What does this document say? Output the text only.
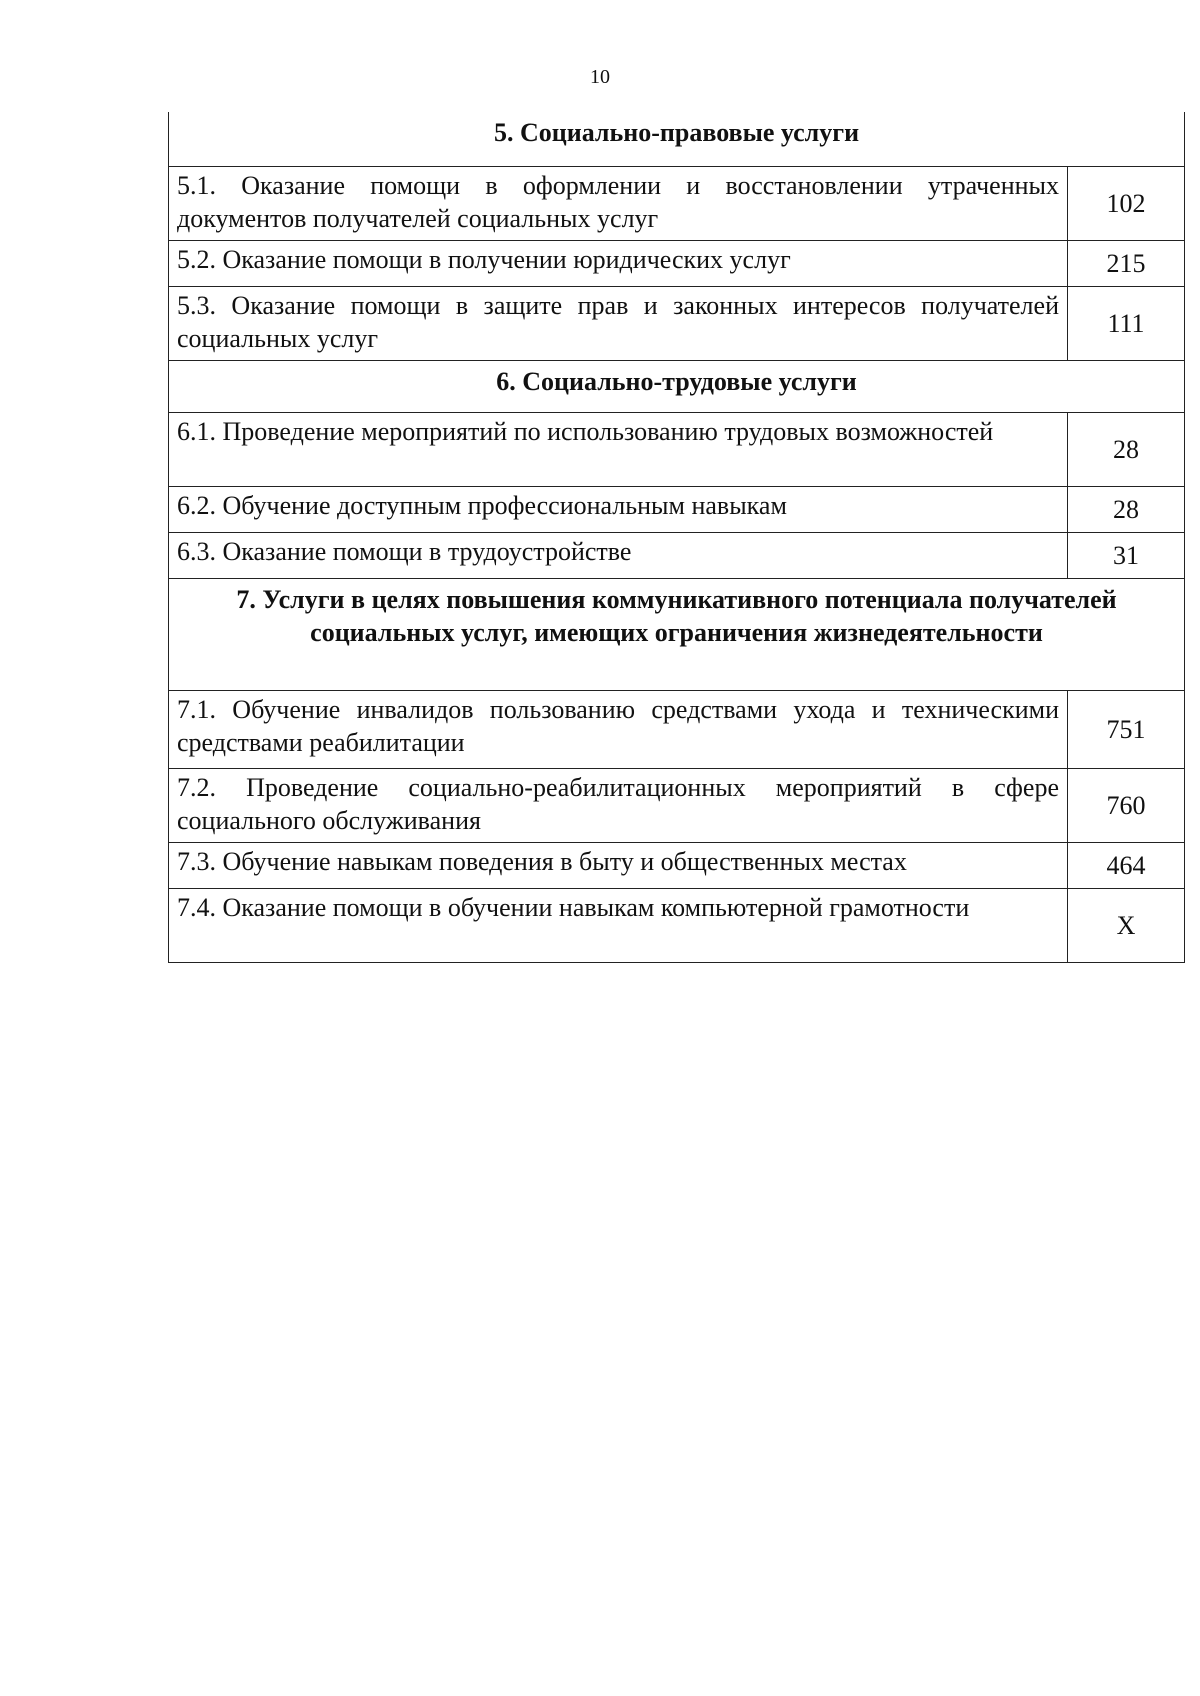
10
5. Социально-правовые услуги	

5.1. Оказание помощи в оформлении и восстановлении утраченных документов получателей социальных услуг	102

5.2. Оказание помощи в получении юридических услуг	215

5.3. Оказание помощи в защите прав и законных интересов получателей социальных услуг	111
6. Социально-трудовые услуги	

6.1. Проведение мероприятий по использованию трудовых возможностей	28

6.2. Обучение доступным профессиональным навыкам	28

6.3. Оказание помощи в трудоустройстве	31
7. Услуги в целях повышения коммуникативного потенциала получателей социальных услуг, имеющих ограничения жизнедеятельности	

7.1. Обучение инвалидов пользованию средствами ухода и техническими средствами реабилитации	751

7.2. Проведение социально-реабилитационных мероприятий в сфере социального обслуживания	760

7.3. Обучение навыкам поведения в быту и общественных местах	464

7.4. Оказание помощи в обучении навыкам компьютерной грамотности	Х
